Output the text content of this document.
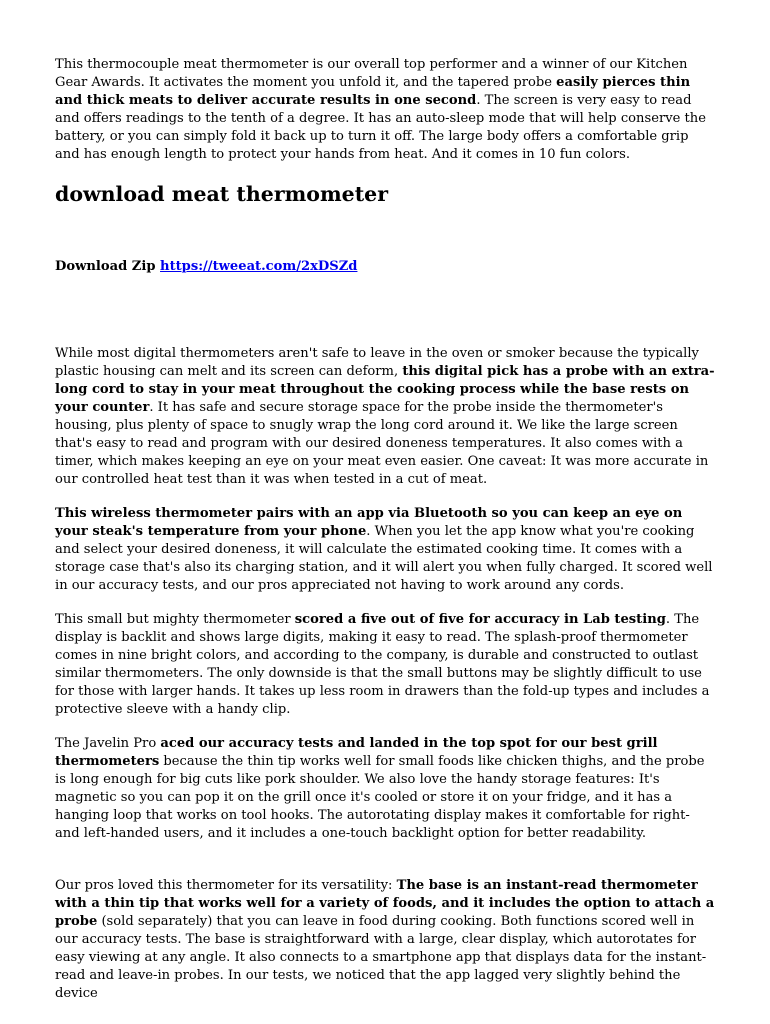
This thermocouple meat thermometer is our overall top performer and a winner of our Kitchen Gear Awards. It activates the moment you unfold it, and the tapered probe easily pierces thin and thick meats to deliver accurate results in one second. The screen is very easy to read and offers readings to the tenth of a degree. It has an auto-sleep mode that will help conserve the battery, or you can simply fold it back up to turn it off. The large body offers a comfortable grip and has enough length to protect your hands from heat. And it comes in 10 fun colors.

download meat thermometer

Download Zip https://tweeat.com/2xDSZd

While most digital thermometers aren't safe to leave in the oven or smoker because the typically plastic housing can melt and its screen can deform, this digital pick has a probe with an extra-long cord to stay in your meat throughout the cooking process while the base rests on your counter. It has safe and secure storage space for the probe inside the thermometer's housing, plus plenty of space to snugly wrap the long cord around it. We like the large screen that's easy to read and program with our desired doneness temperatures. It also comes with a timer, which makes keeping an eye on your meat even easier. One caveat: It was more accurate in our controlled heat test than it was when tested in a cut of meat.

This wireless thermometer pairs with an app via Bluetooth so you can keep an eye on your steak's temperature from your phone. When you let the app know what you're cooking and select your desired doneness, it will calculate the estimated cooking time. It comes with a storage case that's also its charging station, and it will alert you when fully charged. It scored well in our accuracy tests, and our pros appreciated not having to work around any cords.

This small but mighty thermometer scored a five out of five for accuracy in Lab testing. The display is backlit and shows large digits, making it easy to read. The splash-proof thermometer comes in nine bright colors, and according to the company, is durable and constructed to outlast similar thermometers. The only downside is that the small buttons may be slightly difficult to use for those with larger hands. It takes up less room in drawers than the fold-up types and includes a protective sleeve with a handy clip.

The Javelin Pro aced our accuracy tests and landed in the top spot for our best grill thermometers because the thin tip works well for small foods like chicken thighs, and the probe is long enough for big cuts like pork shoulder. We also love the handy storage features: It's magnetic so you can pop it on the grill once it's cooled or store it on your fridge, and it has a hanging loop that works on tool hooks. The autorotating display makes it comfortable for right- and left-handed users, and it includes a one-touch backlight option for better readability.

Our pros loved this thermometer for its versatility: The base is an instant-read thermometer with a thin tip that works well for a variety of foods, and it includes the option to attach a probe (sold separately) that you can leave in food during cooking. Both functions scored well in our accuracy tests. The base is straightforward with a large, clear display, which autorotates for easy viewing at any angle. It also connects to a smartphone app that displays data for the instant-read and leave-in probes. In our tests, we noticed that the app lagged very slightly behind the device
